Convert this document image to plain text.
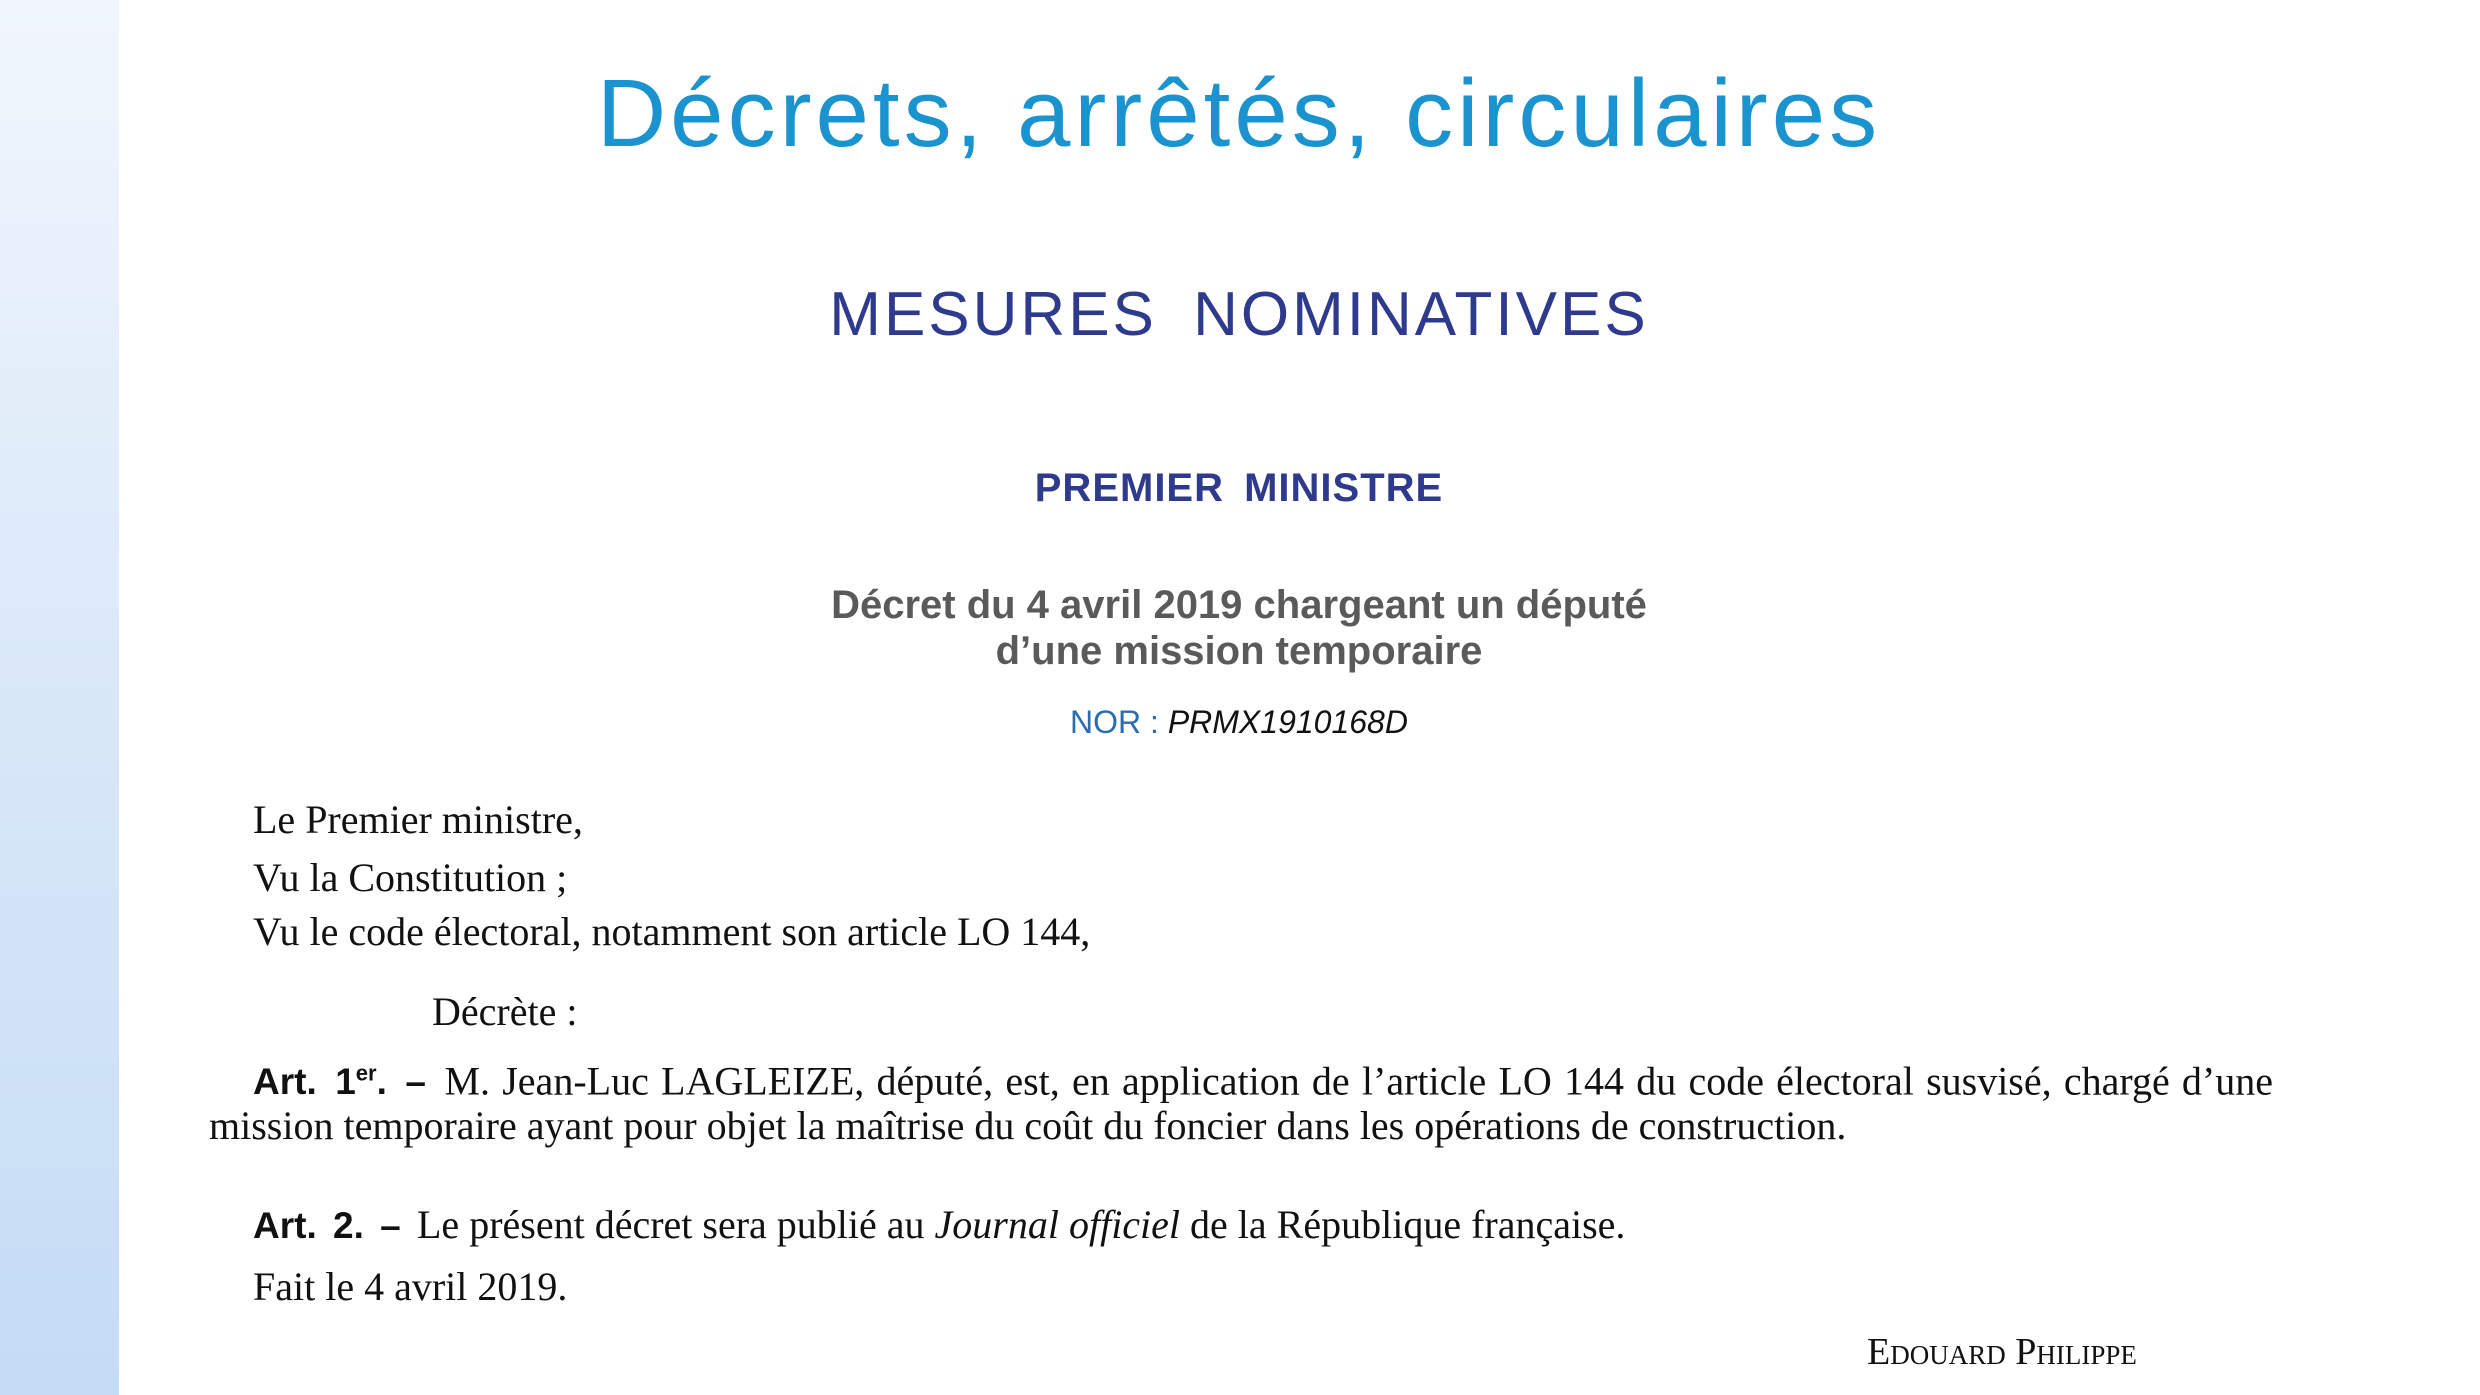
Décrets, arrêtés, circulaires
MESURES NOMINATIVES
PREMIER MINISTRE
Décret du 4 avril 2019 chargeant un député
d’une mission temporaire
NOR : PRMX1910168D
Le Premier ministre,
Vu la Constitution ;
Vu le code électoral, notamment son article LO 144,
Décrète :
Art. 1er. – M. Jean-Luc LAGLEIZE, député, est, en application de l’article LO 144 du code électoral susvisé, chargé d’une mission temporaire ayant pour objet la maîtrise du coût du foncier dans les opérations de construction.
Art. 2. – Le présent décret sera publié au Journal officiel de la République française.
Fait le 4 avril 2019.
Edouard Philippe
